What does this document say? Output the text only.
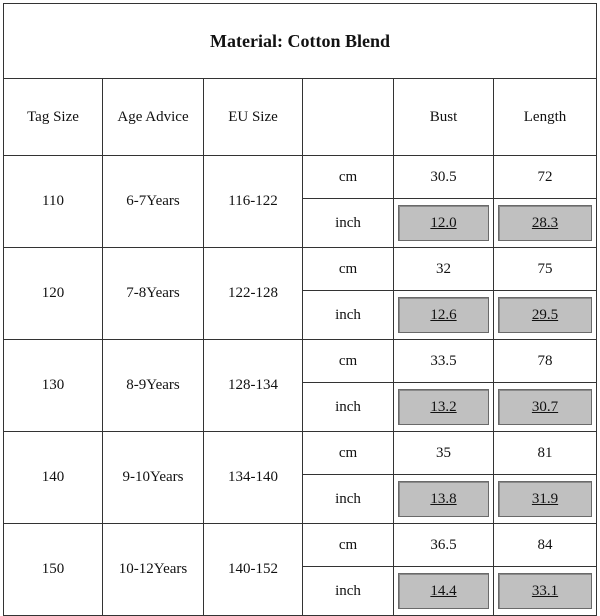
Material: Cotton Blend					
Tag Size	Age Advice	EU Size		Bust	Length
110	6-7Years	116-122	cm	30.5	72
			inch	12.0	28.3

120	7-8Years	122-128	cm	32	75
			inch	12.6	29.5

130	8-9Years	128-134	cm	33.5	78
			inch	13.2	30.7

140	9-10Years	134-140	cm	35	81
			inch	13.8	31.9

150	10-12Years	140-152	cm	36.5	84
			inch	14.4	33.1
